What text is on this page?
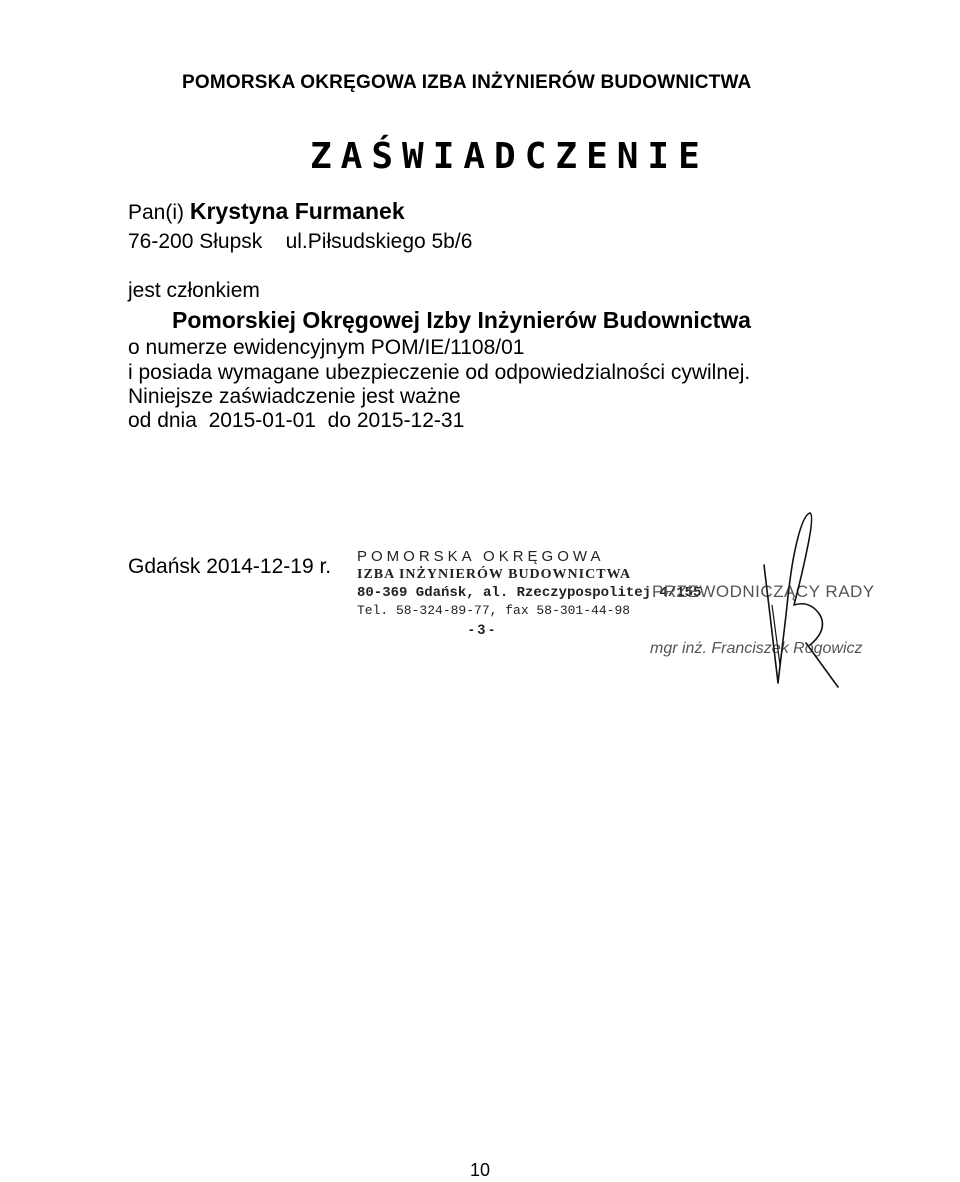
POMORSKA OKRĘGOWA IZBA INŻYNIERÓW BUDOWNICTWA
ZAŚWIADCZENIE
Pan(i) Krystyna Furmanek
76-200 Słupsk    ul.Piłsudskiego 5b/6
jest członkiem
Pomorskiej Okręgowej Izby Inżynierów Budownictwa
o numerze ewidencyjnym POM/IE/1108/01
i posiada wymagane ubezpieczenie od odpowiedzialności cywilnej.
Niniejsze zaświadczenie jest ważne
od dnia  2015-01-01  do 2015-12-31
Gdańsk 2014-12-19 r. POMORSKA OKRĘGOWA
IZBA INŻYNIERÓW BUDOWNICTWA
80-369 Gdańsk, al. Rzeczypospolitej 4/155
Tel. 58-324-89-77, fax 58-301-44-98
- 3 -
PRZEWODNICZĄCY RADY
mgr inż. Franciszek Rogowicz
10
